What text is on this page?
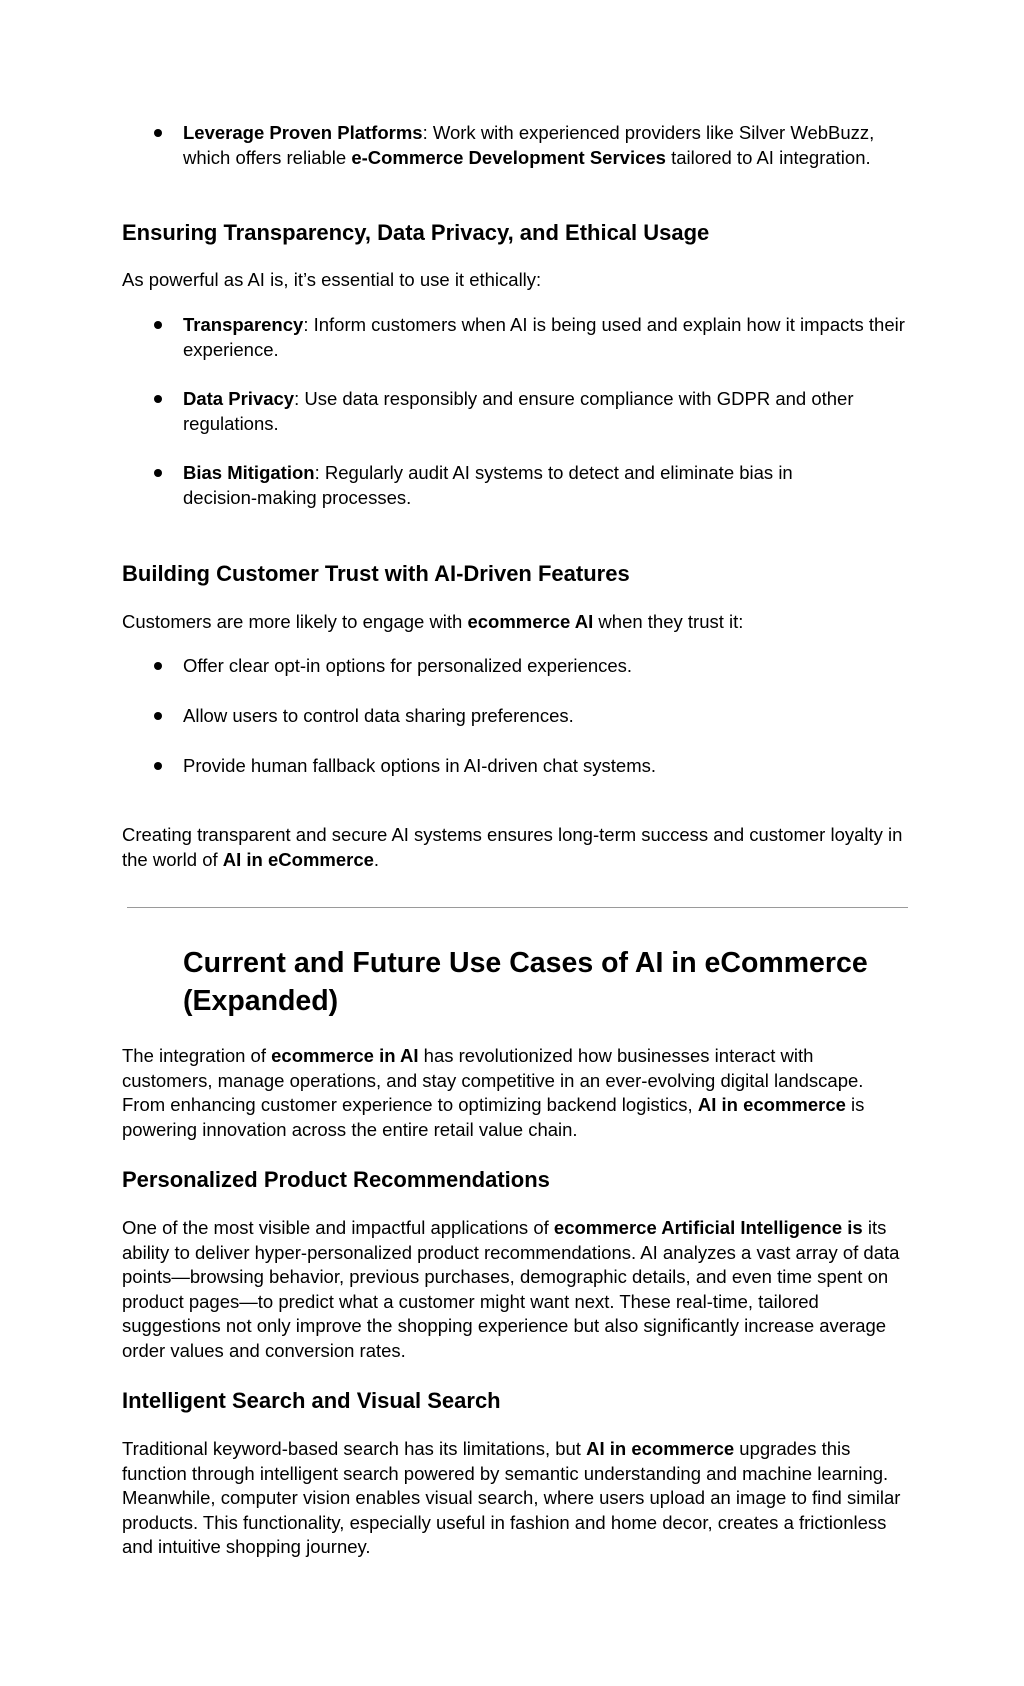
Leverage Proven Platforms: Work with experienced providers like Silver WebBuzz,
which offers reliable e-Commerce Development Services tailored to AI integration.
Ensuring Transparency, Data Privacy, and Ethical Usage
As powerful as AI is, it’s essential to use it ethically:
Transparency: Inform customers when AI is being used and explain how it impacts their
experience.
Data Privacy: Use data responsibly and ensure compliance with GDPR and other
regulations.
Bias Mitigation: Regularly audit AI systems to detect and eliminate bias in
decision-making processes.
Building Customer Trust with AI-Driven Features
Customers are more likely to engage with ecommerce AI when they trust it:
Offer clear opt-in options for personalized experiences.
Allow users to control data sharing preferences.
Provide human fallback options in AI-driven chat systems.
Creating transparent and secure AI systems ensures long-term success and customer loyalty in
the world of AI in eCommerce.
Current and Future Use Cases of AI in eCommerce
(Expanded)
The integration of ecommerce in AI has revolutionized how businesses interact with
customers, manage operations, and stay competitive in an ever-evolving digital landscape.
From enhancing customer experience to optimizing backend logistics, AI in ecommerce is
powering innovation across the entire retail value chain.
Personalized Product Recommendations
One of the most visible and impactful applications of ecommerce Artificial Intelligence is its
ability to deliver hyper-personalized product recommendations. AI analyzes a vast array of data
points—browsing behavior, previous purchases, demographic details, and even time spent on
product pages—to predict what a customer might want next. These real-time, tailored
suggestions not only improve the shopping experience but also significantly increase average
order values and conversion rates.
Intelligent Search and Visual Search
Traditional keyword-based search has its limitations, but AI in ecommerce upgrades this
function through intelligent search powered by semantic understanding and machine learning.
Meanwhile, computer vision enables visual search, where users upload an image to find similar
products. This functionality, especially useful in fashion and home decor, creates a frictionless
and intuitive shopping journey.
